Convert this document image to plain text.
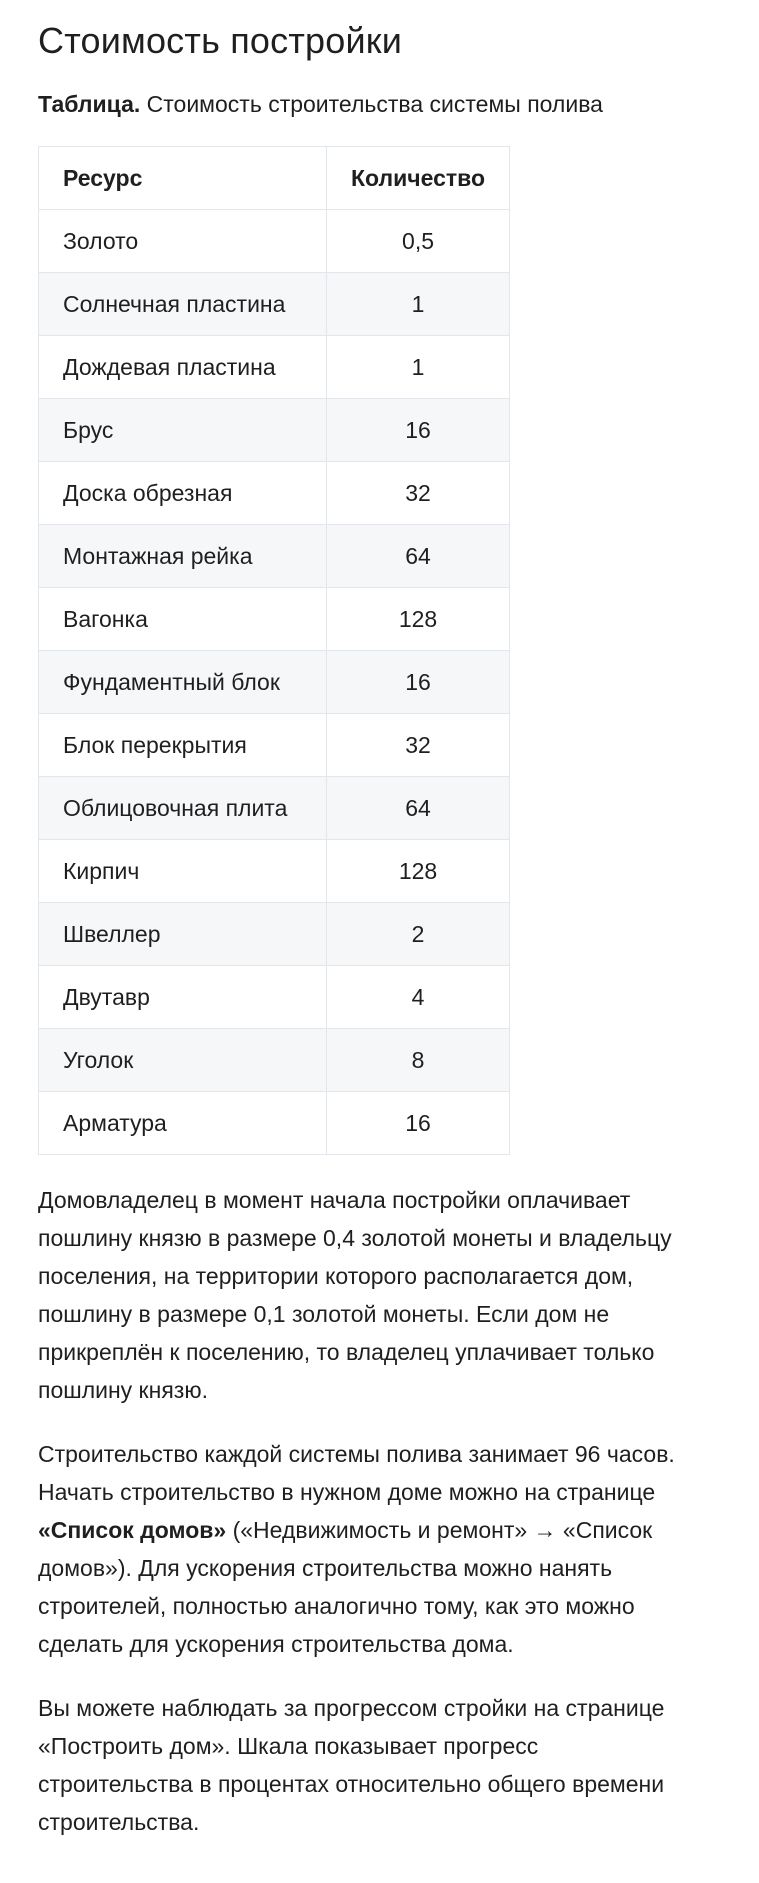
Стоимость постройки

Таблица. Стоимость строительства системы полива

Ресурс	Количество
Золото	0,5
Солнечная пластина	1
Дождевая пластина	1
Брус	16
Доска обрезная	32
Монтажная рейка	64
Вагонка	128
Фундаментный блок	16
Блок перекрытия	32
Облицовочная плита	64
Кирпич	128
Швеллер	2
Двутавр	4
Уголок	8
Арматура	16

Домовладелец в момент начала постройки оплачивает пошлину князю в размере 0,4 золотой монеты и владельцу поселения, на территории которого располагается дом, пошлину в размере 0,1 золотой монеты. Если дом не прикреплён к поселению, то владелец уплачивает только пошлину князю.

Строительство каждой системы полива занимает 96 часов. Начать строительство в нужном доме можно на странице «Список домов» («Недвижимость и ремонт» → «Список домов»). Для ускорения строительства можно нанять строителей, полностью аналогично тому, как это можно сделать для ускорения строительства дома.

Вы можете наблюдать за прогрессом стройки на странице «Построить дом». Шкала показывает прогресс строительства в процентах относительно общего времени строительства.
